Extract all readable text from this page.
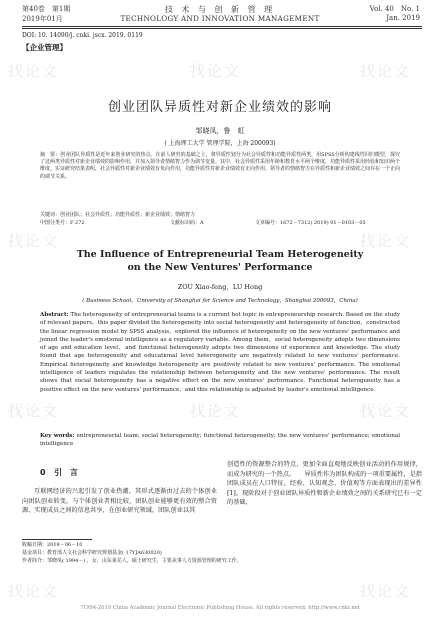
第40卷　第1期
2019年01月
技 术 与 创 新 管 理
TECHNOLOGY AND INNOVATION MANAGEMENT
Vol. 40　No. 1
Jan. 2019
DOI: 10. 14090/j. cnki. jscx. 2019. 0119
【企业管理】
创业团队异质性对新企业绩效的影响
邹晓凤，鲁　虹
( 上海理工大学 管理学院，上海 200093)
摘　要：创业团队异质性是近年来创业研究的热点。在前人研究的基础之上，将异质性划分为社会异质性和功能异质性两类，用SPSS分析构建线性回归模型，探究了这两类异质性对新企业绩效的影响作用，并加入领导者情绪智力作为调节变量。其中，社会异质性采用年龄和教育水平两个维度，功能异质性采用经验和知识两个维度。实证研究结果表明，社会异质性对新企业绩效有负向作用，功能异质性对新企业绩效有正向作用，领导者的情绪智力在异质性和新企业绩效之间存在一个正向的调节关系。
关键词：创业团队；社会异质性；功能异质性；新企业绩效；情绪智力
中图分类号：F 272	文献标识码：A	文章编号：1672－7312( 2019) 01－0103－05
The Influence of Entrepreneurial Team Heterogeneity
on the New Ventures' Performance
ZOU Xiao-feng，LU Hong
( Business School，University of Shanghai for Science and Technology，Shanghai 200093，China)
Abstract: The heterogeneity of entrepreneurial teams is a current hot topic in entrepreneurship research. Based on the study of relevant papers，this paper divided the heterogeneity into social heterogeneity and heterogeneity of function，constructed the linear regression model by SPSS analysis，explored the influence of heterogeneity on the new ventures' performance and joined the leader's emotional intelligence as a regulatory variable. Among them，social heterogeneity adopts two dimensions of age and education level，and functional heterogeneity adopts two dimensions of experience and knowledge. The study found that age heterogeneity and educational level heterogeneity are negatively related to new ventures' performance. Empirical heterogeneity and knowledge heterogeneity are positively related to new ventures' performance. The emotional intelligence of leaders regulates the relationship between heterogeneity and the new ventures' performance. The result shows that social heterogeneity has a negative effect on the new ventures' performance. Functional heterogeneity has a positive effect on the new ventures' performance，and this relationship is adjusted by leader's emotional intelligence.
Key words: entrepreneurial team; social heterogeneity; functional heterogeneity; the new ventures' performance; emotional intelligence
0 引　言
互联网经济的兴起引发了创业热潮，其形式逐渐由过去的个体创业向团队创业转变。与个体创业者相比较，团队创业能够更有效的整合资源、实现成员之间的信息共享，在创业研究领域，团队创业以其
收稿日期：2018－06－10
基金项目：教育部人文社会科学研究规划基金( 17YJA630020)
作者简介：邹晓凤( 1994－) ，女，山东莱芜人，硕士研究生，主要从事人力资源管理的研究工作。
创造性的资源整合的特点，更加全面直观地反映创业活动的作用规律，而成为研究的一个热点。　　异质性作为团队构成的一项重要属性，是指团队成员在人口特征、经验、认知观念、价值观等方面表现出的差异性[1]。现阶段对于创业团队异质性和新企业绩效之间的关系研究已有一定的基础，
?1994-2019 China Academic Journal Electronic Publishing House. All rights reserved. http://www.cnki.net
找论文	找论文	找论文
找论文	找论文
找论文	找论文	找论文
找论文	找论文
